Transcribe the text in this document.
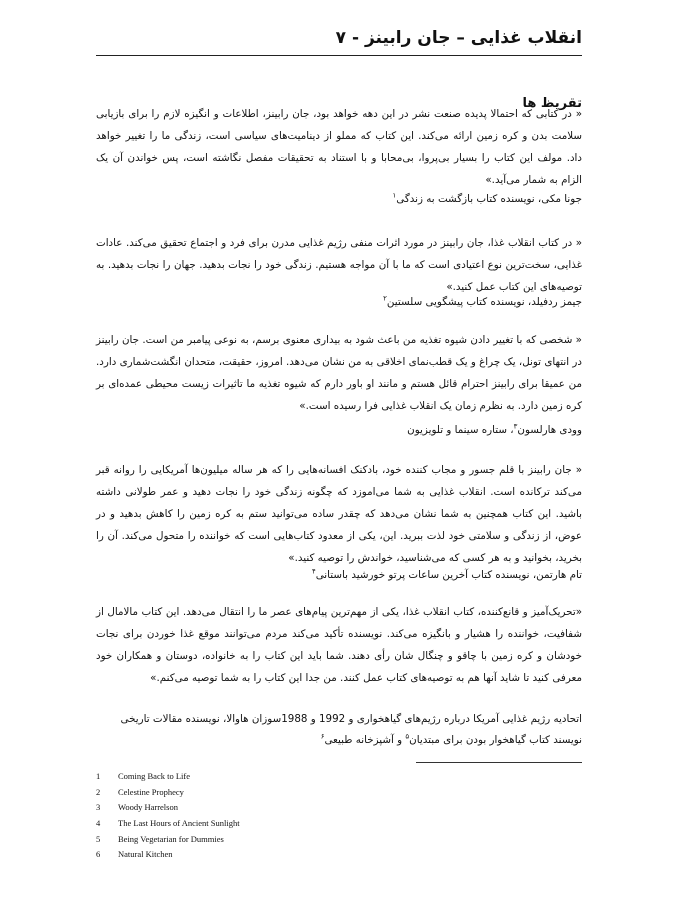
انقلاب غذایی – جان رابینز - ۷
تقریظ ها
« در کتابی که احتمالا پدیده صنعت نشر در این دهه خواهد بود، جان رابینز، اطلاعات و انگیزه لازم را برای بازیابی سلامت بدن و کره زمین ارائه می‌کند. این کتاب که مملو از دینامیت‌های سیاسی است، زندگی ما را تغییر خواهد داد. مولف این کتاب را بسیار بی‌پروا، بی‌محابا و با استناد به تحقیقات مفصل نگاشته است، پس خواندن آن یک الزام به شمار می‌آید.»
جونا مکی، نویسنده کتاب بازگشت به زندگی$^۱$
« در کتاب انقلاب غذا، جان رابینز در مورد اثرات منفی رژیم غذایی مدرن برای فرد و اجتماع تحقیق می‌کند. عادات غذایی، سخت‌ترین نوع اعتیادی است که ما با آن مواجه هستیم. زندگی خود را نجات بدهید. جهان را نجات بدهید. به توصیه‌های این کتاب عمل کنید.»
جیمز ردفیلد، نویسنده کتاب پیشگویی سلستین$^۲$
« شخصی که با تغییر دادن شیوه تغذیه من باعث شود به بیداری معنوی برسم، به نوعی پیامبر من است. جان رابینز در انتهای تونل، یک چراغ و یک قطب‌نمای اخلاقی به من نشان می‌دهد. امروز، حقیقت، متحدان انگشت‌شماری دارد. من عمیقا برای رابینز احترام قائل هستم و مانند او باور دارم که شیوه تغذیه ما تاثیرات زیست محیطی عمده‌ای بر کره زمین دارد. به نظرم زمان یک انقلاب غذایی فرا رسیده است.»
وودی هارلسون$^۳$، ستاره سینما و تلویزیون
« جان رابینز با قلم جسور و مجاب کننده خود، بادکنک افسانه‌هایی را که هر ساله میلیون‌ها آمریکایی را روانه قبر می‌کند ترکانده است. انقلاب غذایی به شما می‌اموزد که چگونه زندگی خود را نجات دهید و عمر طولانی داشته باشید. این کتاب همچنین به شما نشان می‌دهد که چقدر ساده می‌توانید ستم به کره زمین را کاهش بدهید و در عوض، از زندگی و سلامتی خود لذت ببرید. این، یکی از معدود کتاب‌هایی است که خواننده را متحول می‌کند. آن را بخرید، بخوانید و به هر کسی که می‌شناسید، خواندش را توصیه کنید.»
تام هارتمن، نویسنده کتاب آخرین ساعات پرتو خورشید باستانی$^۴$
«تحریک‌آمیز و قانع‌کننده، کتاب انقلاب غذا، یکی از مهم‌ترین پیام‌های عصر ما را انتقال می‌دهد. این کتاب مالامال از شفافیت، خواننده را هشیار و بانگیزه می‌کند. نویسنده تأکید می‌کند مردم می‌توانند موقع غذا خوردن برای نجات خودشان و کره زمین با چاقو و چنگال شان رأی دهند. شما باید این کتاب را به خانواده، دوستان و همکاران خود معرفی کنید تا شاید آنها هم به توصیه‌های کتاب عمل کنند. من جدا این کتاب را به شما توصیه می‌کنم.»
اتحادیه رژیم غذایی آمریکا درباره رژیم‌های گیاهخواری و 1992 و 1988سوزان هاوالا، نویسنده مقالات تاریخی
نویسند کتاب گیاهخوار بودن برای مبتدیان$^۵$ و آشپزخانه طبیعی$^۶$
1	Coming Back to Life
2	Celestine Prophecy
3	Woody Harrelson
4	The Last Hours of Ancient Sunlight
5	Being Vegetarian for Dummies
6	Natural Kitchen
